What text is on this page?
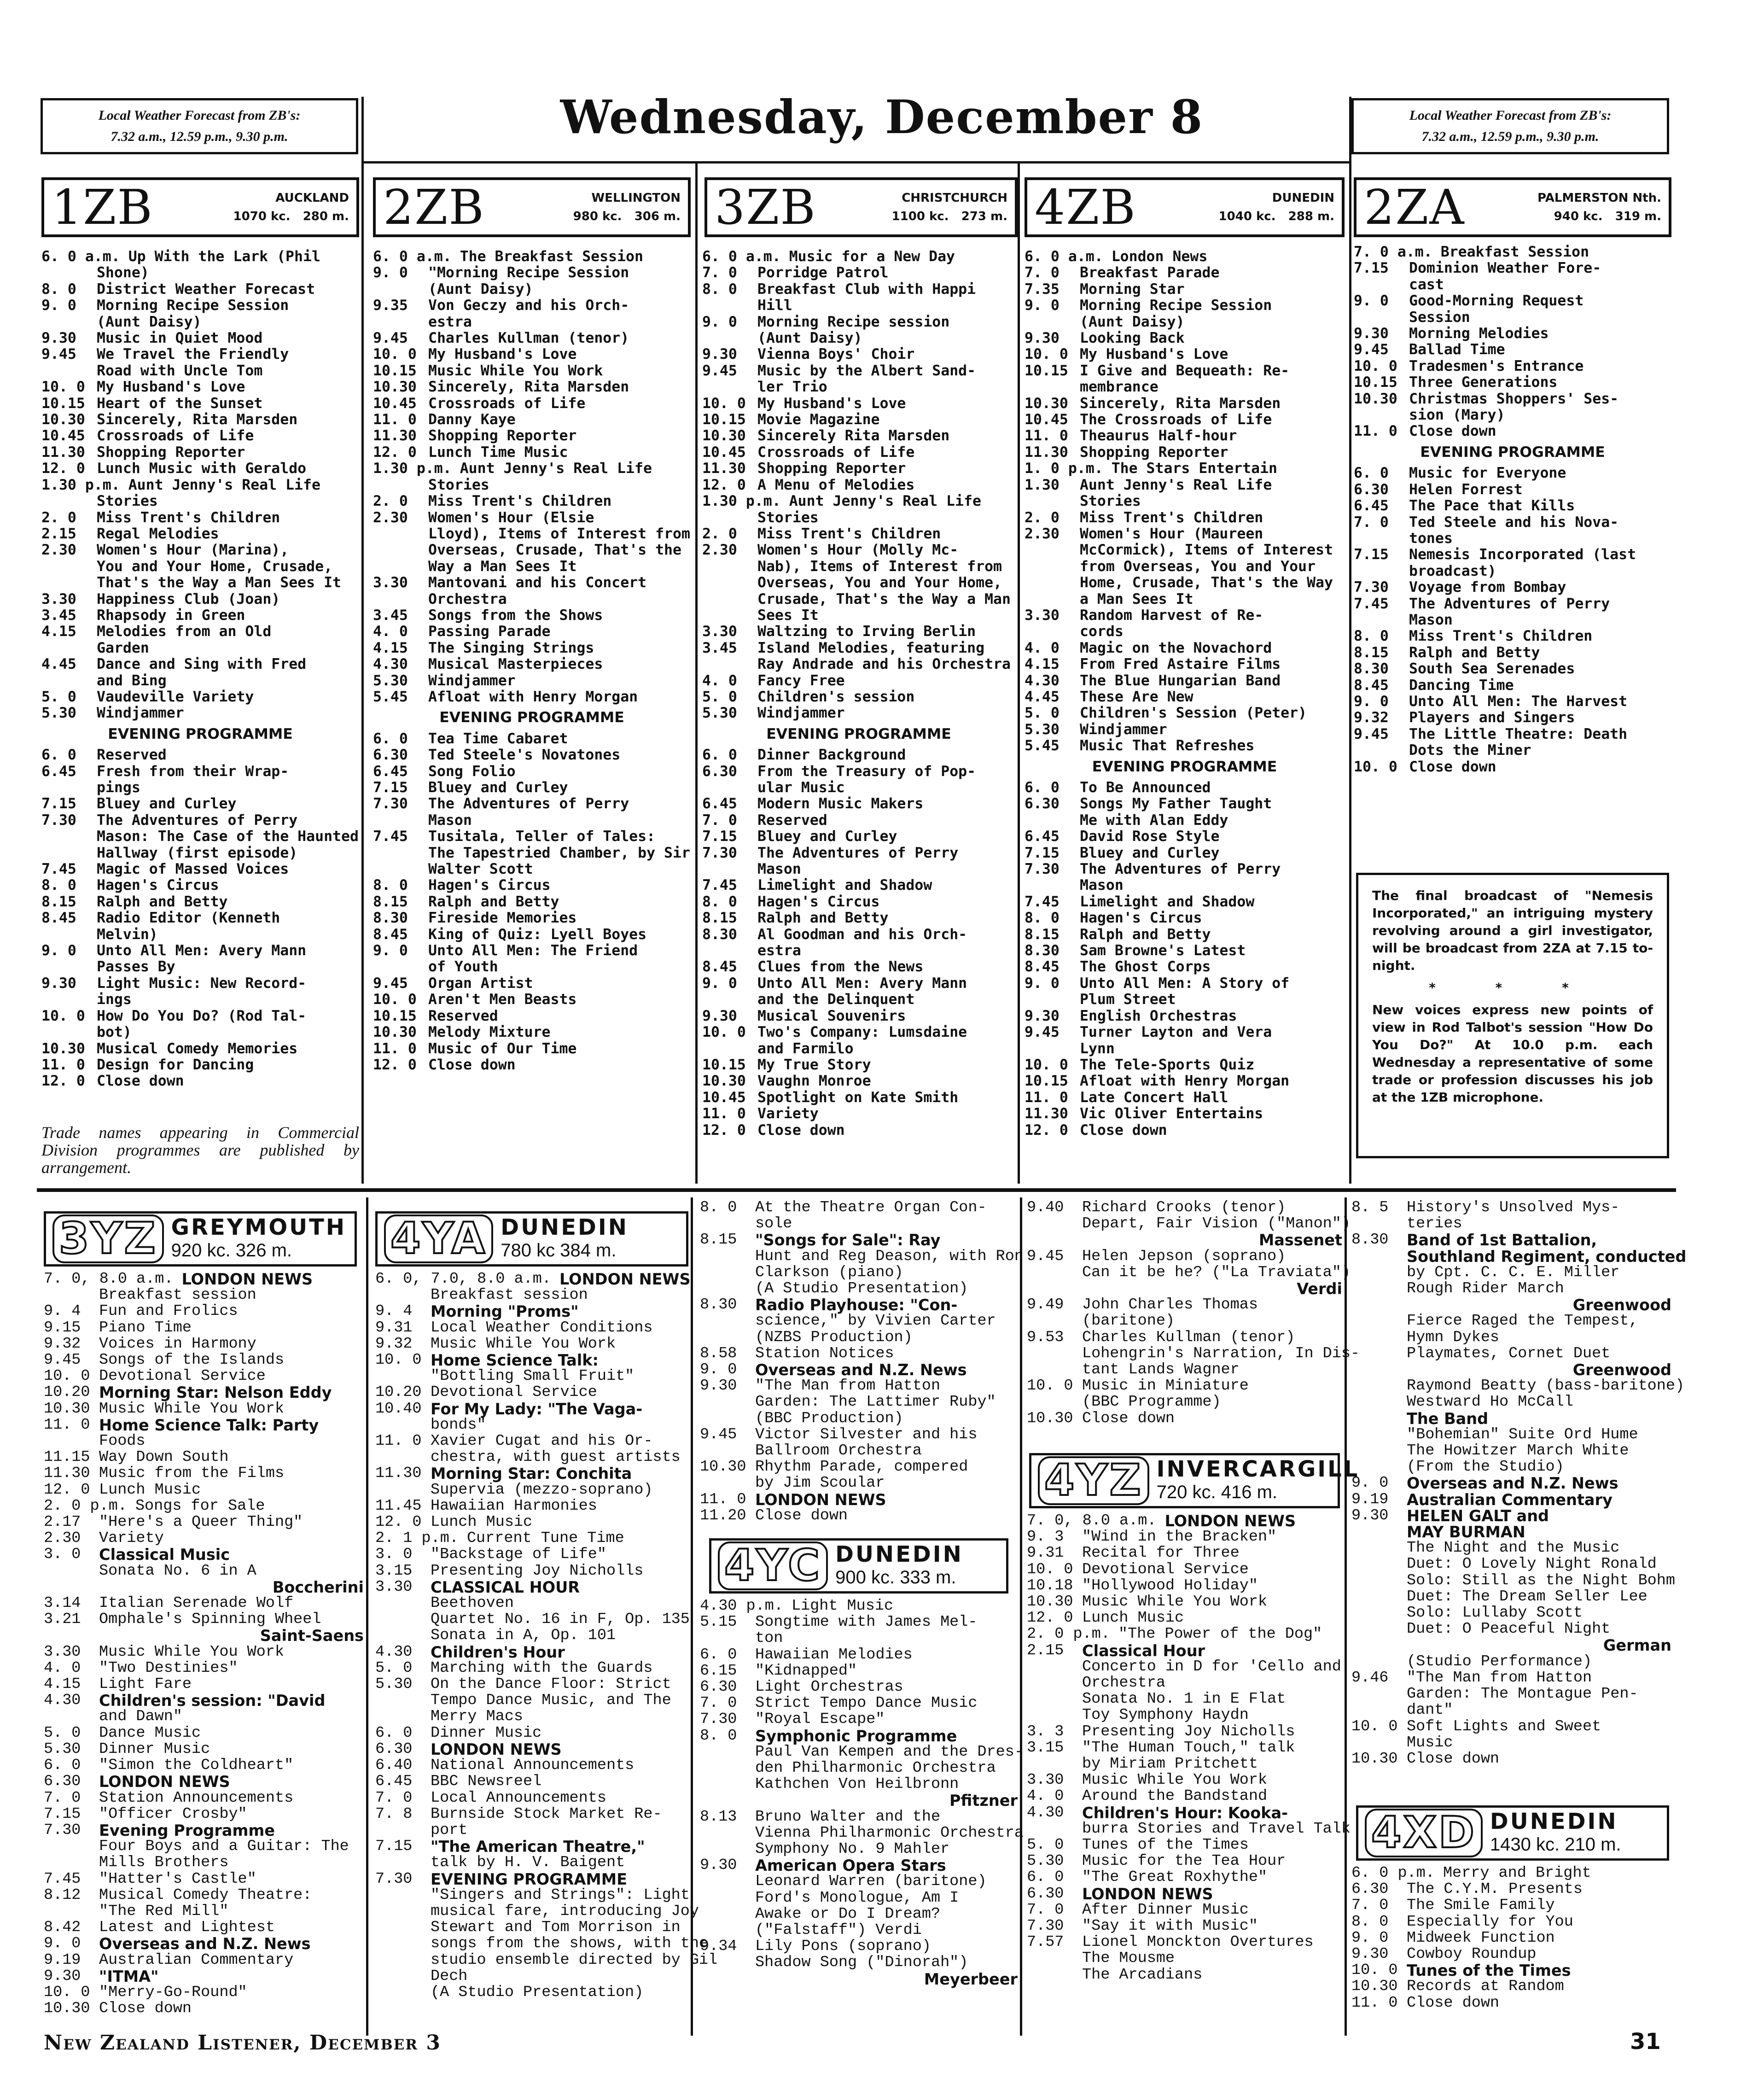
Local Weather Forecast from ZB's:
7.32 a.m., 12.59 p.m., 9.30 p.m.	Wednesday, December 8	Local Weather Forecast from ZB's:
7.32 a.m., 12.59 p.m., 9.30 p.m.
1ZB	AUCKLAND
1070 kc. 280 m. 2ZB	WELLINGTON
980 kc. 306 m. 3ZB	CHRISTCHURCH
1100 kc. 273 m. 4ZB	DUNEDIN
1040 kc. 288 m. 2ZA	PALMERSTON Nth.
940 kc. 319 m.
6. 0 a.m. Up With the Lark (Phil
Shone)
8. 0	District Weather Forecast
9. 0	Morning Recipe Session
(Aunt Daisy)
9.30	Music in Quiet Mood
9.45	We Travel the Friendly
Road with Uncle Tom
10. 0 My Husband's Love
10.15 Heart of the Sunset
10.30 Sincerely, Rita Marsden
10.45 Crossroads of Life
11.30 Shopping Reporter
12. 0 Lunch Music with Geraldo
1.30 p.m. Aunt Jenny's Real Life
Stories
2. 0	Miss Trent's Children
2.15	Regal Melodies
2.30	Women's Hour (Marina),
You and Your Home, Crusade,
That's the Way a Man Sees It
3.30	Happiness Club (Joan)
3.45	Rhapsody in Green
4.15	Melodies from an Old
Garden
4.45	Dance and Sing with Fred
and Bing
5. 0	Vaudeville Variety
5.30	Windjammer
EVENING PROGRAMME
6. 0	Reserved
6.45	Fresh from their Wrap-
pings
7.15	Bluey and Curley
7.30	The Adventures of Perry
Mason: The Case of the Haunted
Hallway (first episode)
7.45	Magic of Massed Voices
8. 0	Hagen's Circus
8.15	Ralph and Betty
8.45	Radio Editor (Kenneth
Melvin)
9. 0	Unto All Men: Avery Mann
Passes By
9.30	Light Music: New Record-
ings
10. 0 How Do You Do? (Rod Tal-
bot)
10.30 Musical Comedy Memories
11. 0 Design for Dancing
12. 0 Close down
6. 0 a.m. The Breakfast Session
9. 0	"Morning Recipe Session
(Aunt Daisy)
9.35	Von Geczy and his Orch-
estra
9.45	Charles Kullman (tenor)
10. 0 My Husband's Love
10.15 Music While You Work
10.30 Sincerely, Rita Marsden
10.45 Crossroads of Life
11. 0 Danny Kaye
11.30 Shopping Reporter
12. 0 Lunch Time Music
1.30 p.m. Aunt Jenny's Real Life
Stories
2. 0	Miss Trent's Children
2.30	Women's Hour (Elsie
Lloyd), Items of Interest from
Overseas, Crusade, That's the
Way a Man Sees It
3.30	Mantovani and his Concert
Orchestra
3.45	Songs from the Shows
4. 0	Passing Parade
4.15	The Singing Strings
4.30	Musical Masterpieces
5.30	Windjammer
5.45	Afloat with Henry Morgan
EVENING PROGRAMME
6. 0	Tea Time Cabaret
6.30	Ted Steele's Novatones
6.45	Song Folio
7.15	Bluey and Curley
7.30	The Adventures of Perry
Mason
7.45	Tusitala, Teller of Tales:
The Tapestried Chamber, by Sir
Walter Scott
8. 0	Hagen's Circus
8.15	Ralph and Betty
8.30	Fireside Memories
8.45	King of Quiz: Lyell Boyes
9. 0	Unto All Men: The Friend
of Youth
9.45	Organ Artist
10. 0 Aren't Men Beasts
10.15 Reserved
10.30 Melody Mixture
11. 0 Music of Our Time
12. 0 Close down
6. 0 a.m. Music for a New Day
7. 0	Porridge Patrol
8. 0	Breakfast Club with Happi
Hill
9. 0	Morning Recipe session
(Aunt Daisy)
9.30	Vienna Boys' Choir
9.45	Music by the Albert Sand-
ler Trio
10. 0 My Husband's Love
10.15 Movie Magazine
10.30 Sincerely Rita Marsden
10.45 Crossroads of Life
11.30 Shopping Reporter
12. 0 A Menu of Melodies
1.30 p.m. Aunt Jenny's Real Life
Stories
2. 0	Miss Trent's Children
2.30	Women's Hour (Molly Mc-
Nab), Items of Interest from
Overseas, You and Your Home,
Crusade, That's the Way a Man
Sees It
3.30	Waltzing to Irving Berlin
3.45	Island Melodies, featuring
Ray Andrade and his Orchestra
4. 0	Fancy Free
5. 0	Children's session
5.30	Windjammer
EVENING PROGRAMME
6. 0	Dinner Background
6.30	From the Treasury of Pop-
ular Music
6.45	Modern Music Makers
7. 0	Reserved
7.15	Bluey and Curley
7.30	The Adventures of Perry
Mason
7.45	Limelight and Shadow
8. 0	Hagen's Circus
8.15	Ralph and Betty
8.30	Al Goodman and his Orch-
estra
8.45	Clues from the News
9. 0	Unto All Men: Avery Mann
and the Delinquent
9.30	Musical Souvenirs
10. 0 Two's Company: Lumsdaine
and Farmilo
10.15 My True Story
10.30 Vaughn Monroe
10.45 Spotlight on Kate Smith
11. 0 Variety
12. 0 Close down
6. 0 a.m. London News
7. 0	Breakfast Parade
7.35	Morning Star
9. 0	Morning Recipe Session
(Aunt Daisy)
9.30	Looking Back
10. 0 My Husband's Love
10.15 I Give and Bequeath: Re-
membrance
10.30 Sincerely, Rita Marsden
10.45 The Crossroads of Life
11. 0 Theaurus Half-hour
11.30 Shopping Reporter
1. 0 p.m. The Stars Entertain
1.30	Aunt Jenny's Real Life
Stories
2. 0	Miss Trent's Children
2.30	Women's Hour (Maureen
McCormick), Items of Interest
from Overseas, You and Your
Home, Crusade, That's the Way
a Man Sees It
3.30	Random Harvest of Re-
cords
4. 0	Magic on the Novachord
4.15	From Fred Astaire Films
4.30	The Blue Hungarian Band
4.45	These Are New
5. 0	Children's Session (Peter)
5.30	Windjammer
5.45	Music That Refreshes
EVENING PROGRAMME
6. 0	To Be Announced
6.30	Songs My Father Taught
Me with Alan Eddy
6.45	David Rose Style
7.15	Bluey and Curley
7.30	The Adventures of Perry
Mason
7.45	Limelight and Shadow
8. 0	Hagen's Circus
8.15	Ralph and Betty
8.30	Sam Browne's Latest
8.45	The Ghost Corps
9. 0	Unto All Men: A Story of
Plum Street
9.30	English Orchestras
9.45	Turner Layton and Vera
Lynn
10. 0 The Tele-Sports Quiz
10.15 Afloat with Henry Morgan
11. 0 Late Concert Hall
11.30 Vic Oliver Entertains
12. 0 Close down
7. 0 a.m. Breakfast Session
7.15	Dominion Weather Fore-
cast
9. 0	Good-Morning Request
Session
9.30	Morning Melodies
9.45	Ballad Time
10. 0 Tradesmen's Entrance
10.15 Three Generations
10.30 Christmas Shoppers' Ses-
sion (Mary)
11. 0 Close down
EVENING PROGRAMME
6. 0	Music for Everyone
6.30	Helen Forrest
6.45	The Pace that Kills
7. 0	Ted Steele and his Nova-
tones
7.15	Nemesis Incorporated (last
broadcast)
7.30	Voyage from Bombay
7.45	The Adventures of Perry
Mason
8. 0	Miss Trent's Children
8.15	Ralph and Betty
8.30	South Sea Serenades
8.45	Dancing Time
9. 0	Unto All Men: The Harvest
9.32	Players and Singers
9.45	The Little Theatre: Death
Dots the Miner
10. 0 Close down
Trade names appearing in Commercial Division programmes are published by arrangement.
The final broadcast of "Nemesis Incorporated," an intriguing mystery revolving around a girl investigator, will be broadcast from 2ZA at 7.15 to-night.
* * *
New voices express new points of view in Rod Talbot's session "How Do You Do?" At 10.0 p.m. each Wednesday a representative of some trade or profession discusses his job at the 1ZB microphone.
3YZ GREYMOUTH
920 kc. 326 m.
7. 0, 8.0 a.m. LONDON NEWS
Breakfast session
9. 4	Fun and Frolics
9.15	Piano Time
9.32	Voices in Harmony
9.45	Songs of the Islands
10. 0 Devotional Service
10.20 Morning Star: Nelson Eddy
10.30 Music While You Work
11. 0 Home Science Talk: Party
Foods
11.15 Way Down South
11.30 Music from the Films
12. 0 Lunch Music
2. 0 p.m. Songs for Sale
2.17	"Here's a Queer Thing"
2.30	Variety
3. 0	Classical Music
Sonata No. 6 in A
Boccherini
3.14	Italian Serenade Wolf
3.21	Omphale's Spinning Wheel
Saint-Saens
3.30	Music While You Work
4. 0	"Two Destinies"
4.15	Light Fare
4.30	Children's session: "David
and Dawn"
5. 0	Dance Music
5.30	Dinner Music
6. 0	"Simon the Coldheart"
6.30	LONDON NEWS
7. 0	Station Announcements
7.15	"Officer Crosby"
7.30	Evening Programme
Four Boys and a Guitar: The
Mills Brothers
7.45	"Hatter's Castle"
8.12	Musical Comedy Theatre:
"The Red Mill"
8.42	Latest and Lightest
9. 0	Overseas and N.Z. News
9.19	Australian Commentary
9.30	"ITMA"
10. 0 "Merry-Go-Round"
10.30 Close down
4YA DUNEDIN
780 kc 384 m.
6. 0, 7.0, 8.0 a.m. LONDON NEWS
Breakfast session
9. 4	Morning "Proms"
9.31	Local Weather Conditions
9.32	Music While You Work
10. 0 Home Science Talk:
"Bottling Small Fruit"
10.20 Devotional Service
10.40 For My Lady: "The Vaga-
bonds"
11. 0 Xavier Cugat and his Or-
chestra, with guest artists
11.30 Morning Star: Conchita
Supervia (mezzo-soprano)
11.45 Hawaiian Harmonies
12. 0 Lunch Music
2. 1 p.m. Current Tune Time
3. 0	"Backstage of Life"
3.15	Presenting Joy Nicholls
3.30	CLASSICAL HOUR
Beethoven
Quartet No. 16 in F, Op. 135
Sonata in A, Op. 101
4.30	Children's Hour
5. 0	Marching with the Guards
5.30	On the Dance Floor: Strict
Tempo Dance Music, and The
Merry Macs
6. 0	Dinner Music
6.30	LONDON NEWS
6.40	National Announcements
6.45	BBC Newsreel
7. 0	Local Announcements
7. 8	Burnside Stock Market Re-
port
7.15	"The American Theatre,"
talk by H. V. Baigent
7.30	EVENING PROGRAMME
"Singers and Strings": Light
musical fare, introducing Joy
Stewart and Tom Morrison in
songs from the shows, with the
studio ensemble directed by Gil
Dech
(A Studio Presentation)
8. 0	At the Theatre Organ Con-
sole
8.15	"Songs for Sale": Ray
Hunt and Reg Deason, with Ron
Clarkson (piano)
(A Studio Presentation)
8.30	Radio Playhouse: "Con-
science," by Vivien Carter
(NZBS Production)
8.58	Station Notices
9. 0	Overseas and N.Z. News
9.30	"The Man from Hatton
Garden: The Lattimer Ruby"
(BBC Production)
9.45	Victor Silvester and his
Ballroom Orchestra
10.30 Rhythm Parade, compered
by Jim Scoular
11. 0 LONDON NEWS
11.20 Close down
4YC DUNEDIN
900 kc. 333 m.
4.30 p.m. Light Music
5.15	Songtime with James Mel-
ton
6. 0	Hawaiian Melodies
6.15	"Kidnapped"
6.30	Light Orchestras
7. 0	Strict Tempo Dance Music
7.30	"Royal Escape"
8. 0	Symphonic Programme
Paul Van Kempen and the Dres-
den Philharmonic Orchestra
Kathchen Von Heilbronn
Pfitzner
8.13	Bruno Walter and the
Vienna Philharmonic Orchestra
Symphony No. 9 Mahler
9.30	American Opera Stars
Leonard Warren (baritone)
Ford's Monologue, Am I
Awake or Do I Dream?
("Falstaff") Verdi
9.34	Lily Pons (soprano)
Shadow Song ("Dinorah")
Meyerbeer
9.40	Richard Crooks (tenor)
Depart, Fair Vision ("Manon")
Massenet
9.45	Helen Jepson (soprano)
Can it be he? ("La Traviata")
Verdi
9.49	John Charles Thomas
(baritone)
9.53	Charles Kullman (tenor)
Lohengrin's Narration, In Dis-
tant Lands Wagner
10. 0 Music in Miniature
(BBC Programme)
10.30 Close down
4YZ INVERCARGILL
720 kc. 416 m.
7. 0, 8.0 a.m. LONDON NEWS
9. 3	"Wind in the Bracken"
9.31	Recital for Three
10. 0 Devotional Service
10.18 "Hollywood Holiday"
10.30 Music While You Work
12. 0 Lunch Music
2. 0 p.m. "The Power of the Dog"
2.15	Classical Hour
Concerto in D for 'Cello and
Orchestra
Sonata No. 1 in E Flat
Toy Symphony Haydn
3. 3	Presenting Joy Nicholls
3.15	"The Human Touch," talk
by Miriam Pritchett
3.30	Music While You Work
4. 0	Around the Bandstand
4.30	Children's Hour: Kooka-
burra Stories and Travel Talk
5. 0	Tunes of the Times
5.30	Music for the Tea Hour
6. 0	"The Great Roxhythe"
6.30	LONDON NEWS
7. 0	After Dinner Music
7.30	"Say it with Music"
7.57	Lionel Monckton Overtures
The Mousme
The Arcadians
8. 5	History's Unsolved Mys-
teries
8.30	Band of 1st Battalion,
Southland Regiment, conducted
by Cpt. C. C. E. Miller
Rough Rider March
Greenwood
Fierce Raged the Tempest,
Hymn Dykes
Playmates, Cornet Duet
Greenwood
Raymond Beatty (bass-baritone)
Westward Ho McCall
The Band
"Bohemian" Suite Ord Hume
The Howitzer March White
(From the Studio)
9. 0	Overseas and N.Z. News
9.19	Australian Commentary
9.30	HELEN GALT and
MAY BURMAN
The Night and the Music
Duet: O Lovely Night Ronald
Solo: Still as the Night Bohm
Duet: The Dream Seller Lee
Solo: Lullaby Scott
Duet: O Peaceful Night
German
(Studio Performance)
9.46	"The Man from Hatton
Garden: The Montague Pen-
dant"
10. 0 Soft Lights and Sweet
Music
10.30 Close down
4XD DUNEDIN
1430 kc. 210 m.
6. 0 p.m. Merry and Bright
6.30	The C.Y.M. Presents
7. 0	The Smile Family
8. 0	Especially for You
9. 0	Midweek Function
9.30	Cowboy Roundup
10. 0 Tunes of the Times
10.30 Records at Random
11. 0 Close down
New Zealand Listener, December 3	31
